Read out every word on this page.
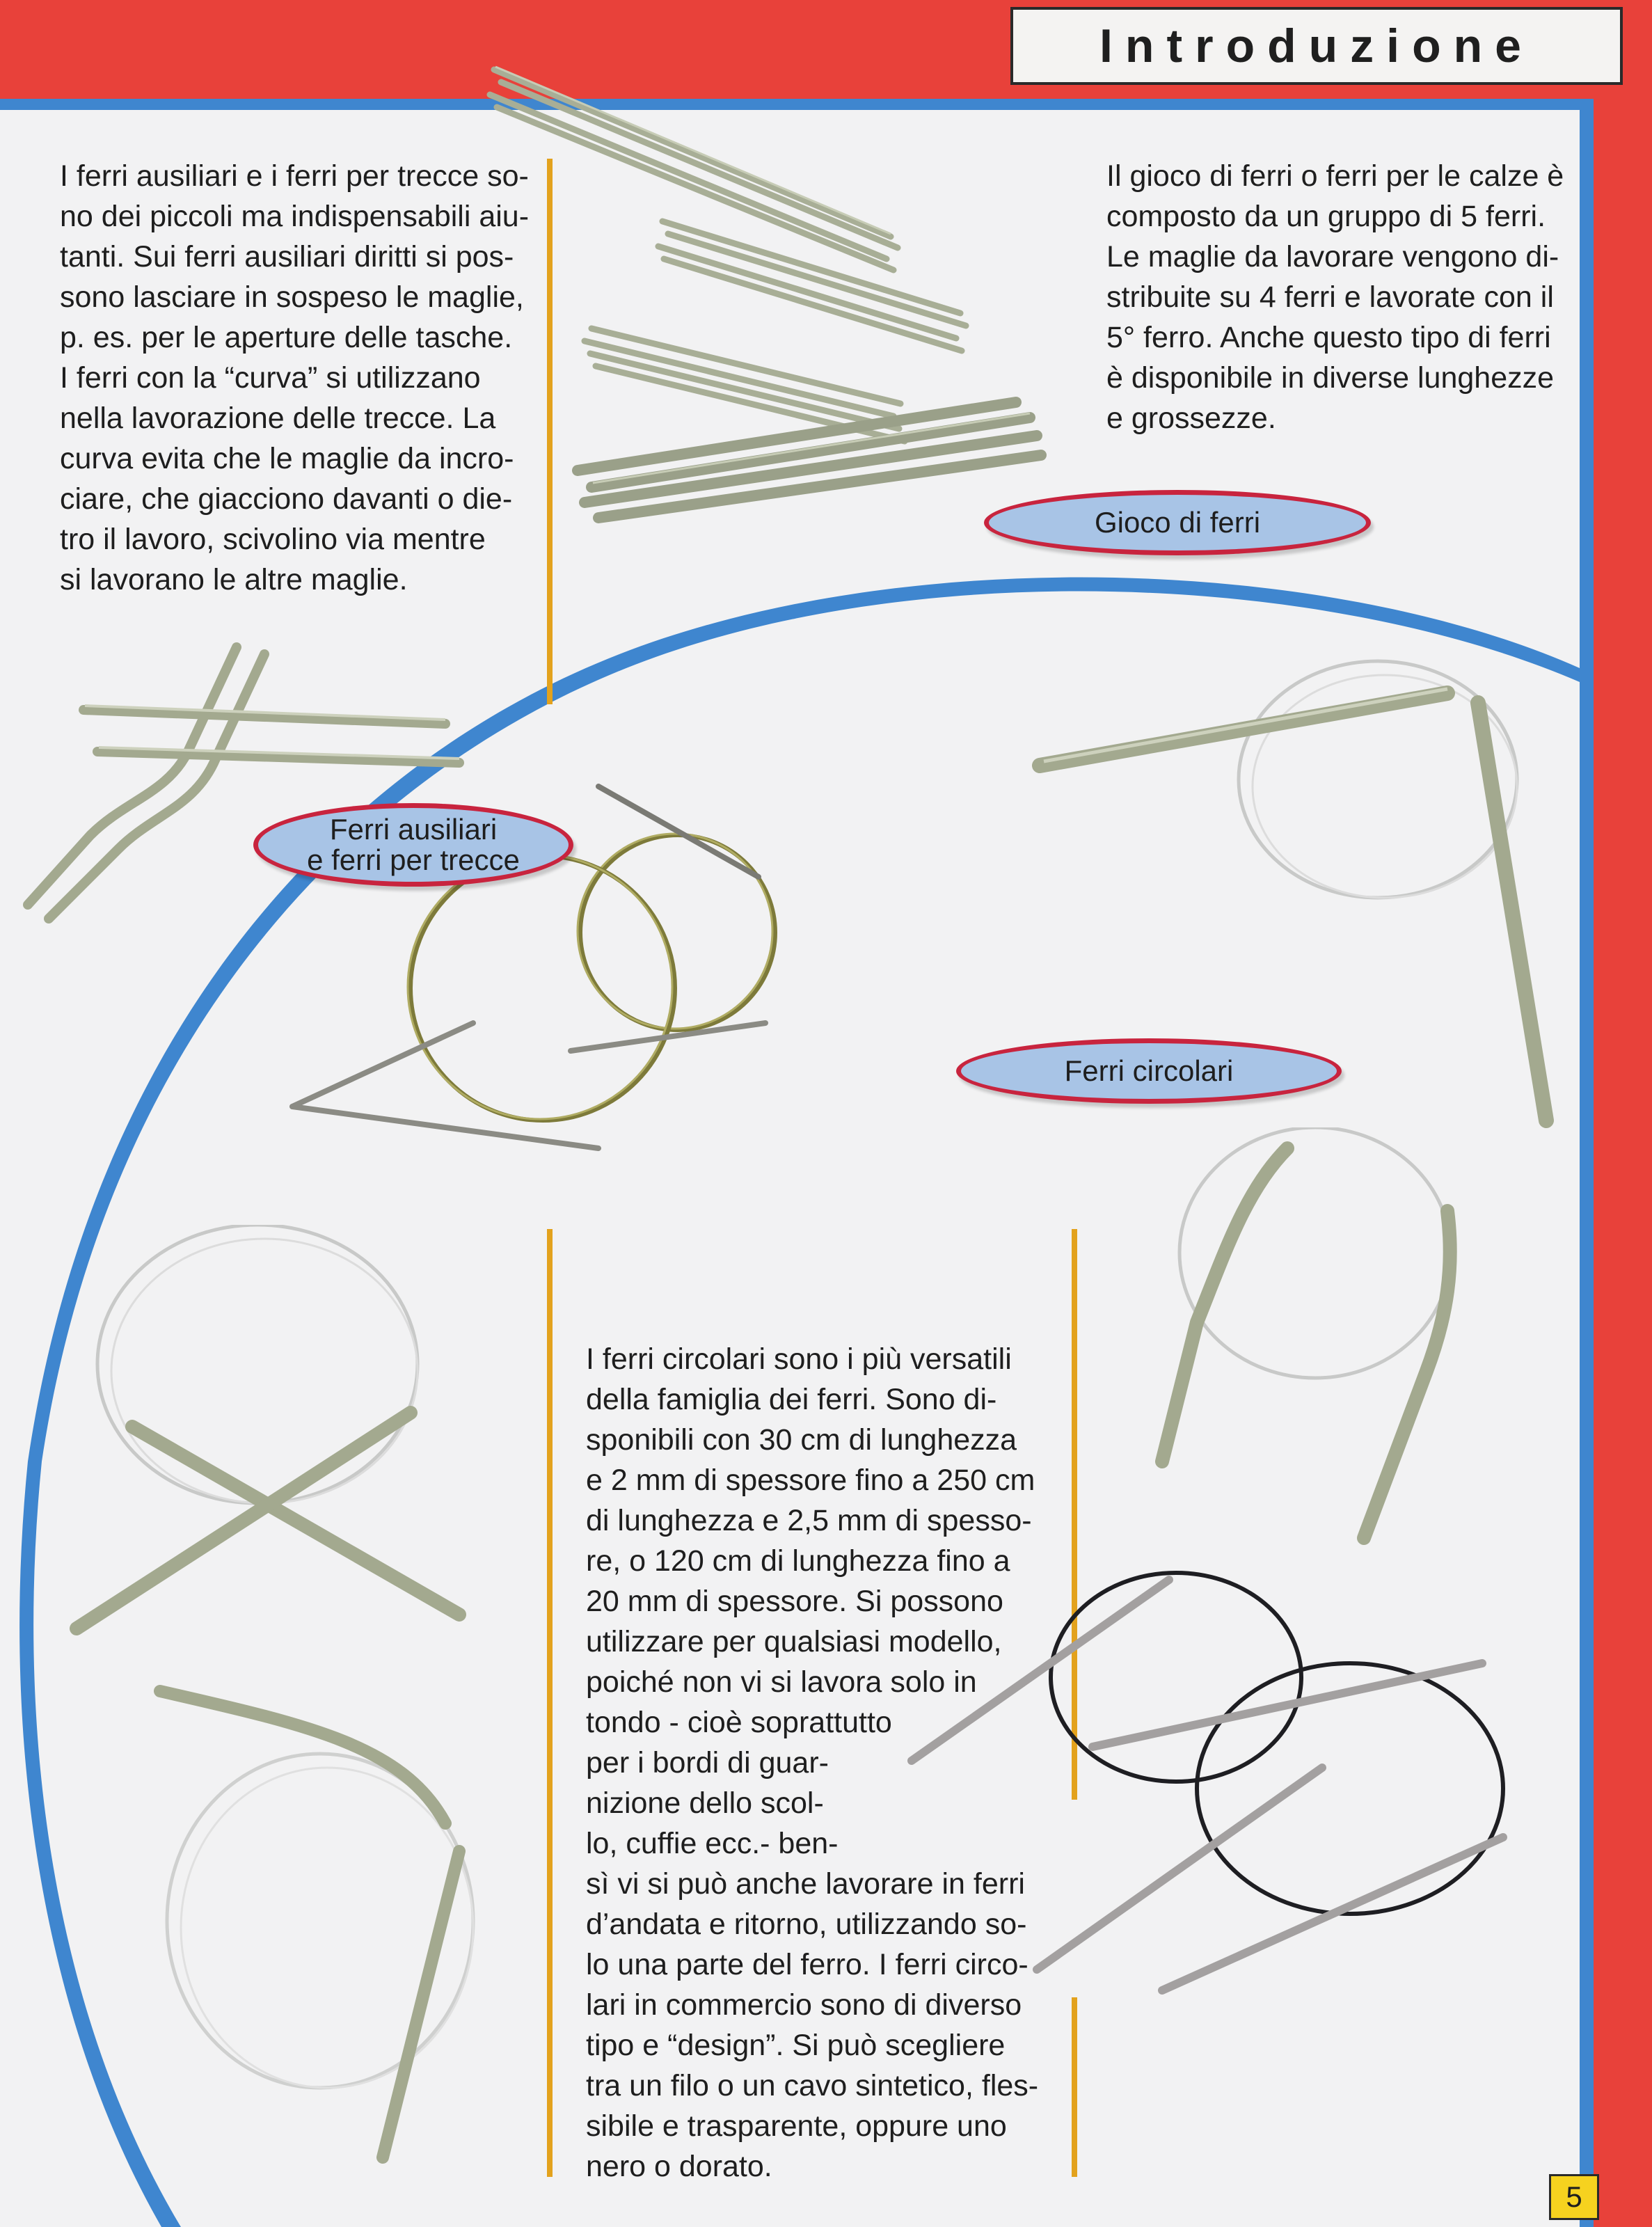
Introduzione
I ferri ausiliari e i ferri per trecce so-
no dei piccoli ma indispensabili aiu-
tanti. Sui ferri ausiliari diritti si pos-
sono lasciare in sospeso le maglie,
p. es. per le aperture delle tasche.
I ferri con la “curva” si utilizzano
nella lavorazione delle trecce. La
curva evita che le maglie da incro-
ciare, che giacciono davanti o die-
tro il lavoro, scivolino via mentre
si lavorano le altre maglie.
Il gioco di ferri o ferri per le calze è
composto da un gruppo di 5 ferri.
Le maglie da lavorare vengono di-
stribuite su 4 ferri e lavorate con il
5° ferro. Anche questo tipo di ferri
è disponibile in diverse lunghezze
e grossezze.
I ferri circolari sono i più versatili
della famiglia dei ferri. Sono di-
sponibili con 30 cm di lunghezza
e 2 mm di spessore fino a 250 cm
di lunghezza e 2,5 mm di spesso-
re, o 120 cm di lunghezza fino a
20 mm di spessore. Si possono
utilizzare per qualsiasi modello,
poiché non vi si lavora solo in
tondo - cioè soprattutto
per i bordi di guar-
nizione dello scol-
lo, cuffie ecc.- ben-
sì vi si può anche lavorare in ferri
d’andata e ritorno, utilizzando so-
lo una parte del ferro. I ferri circo-
lari in commercio sono di diverso
tipo e “design”. Si può scegliere
tra un filo o un cavo sintetico, fles-
sibile e trasparente, oppure uno
nero o dorato.
Gioco di ferri
Ferri ausiliari
e ferri per trecce
Ferri circolari
5
